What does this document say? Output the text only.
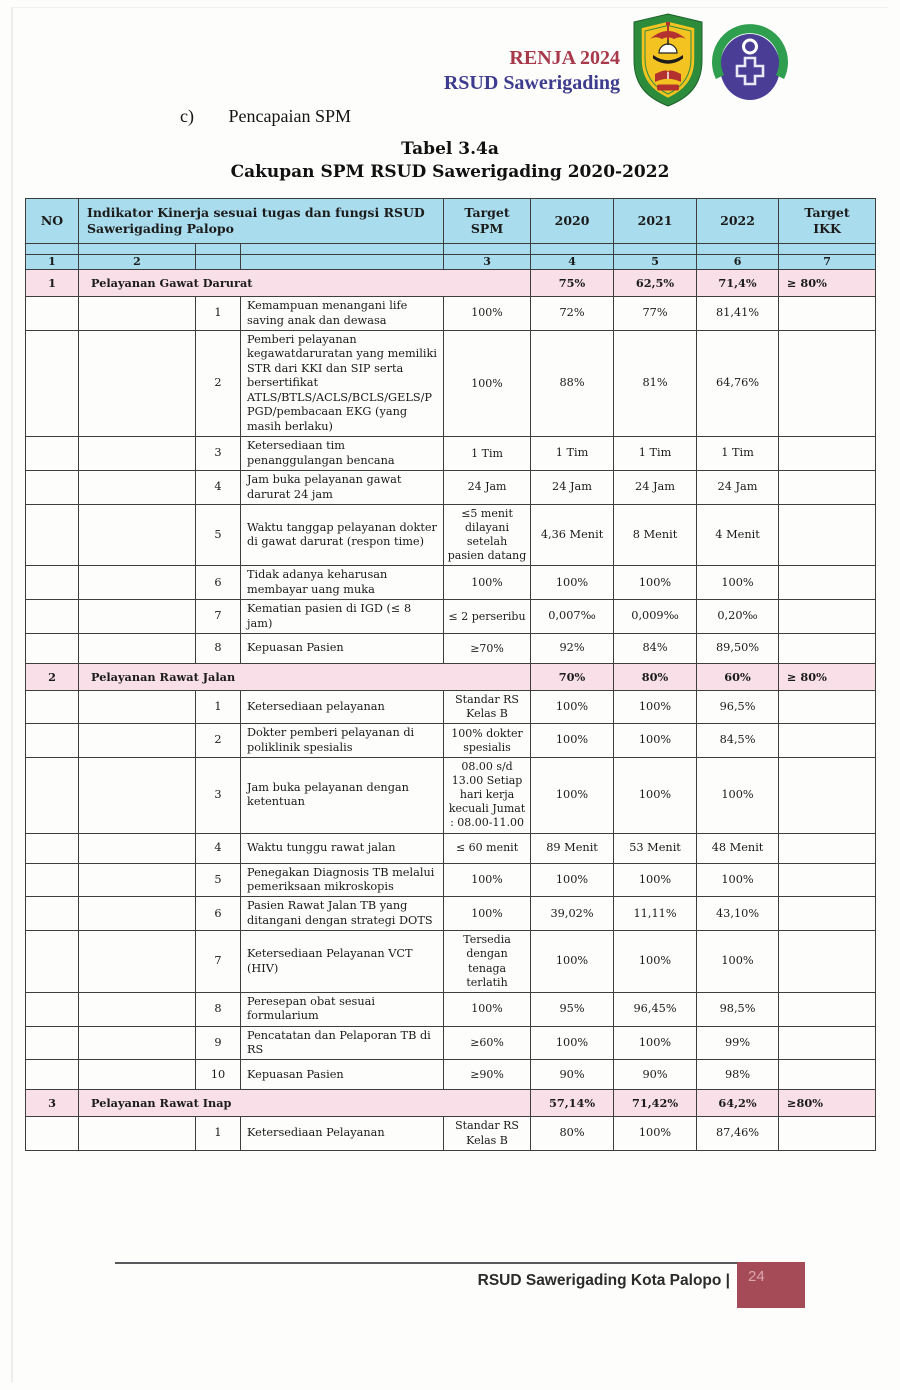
RENJA 2024
RSUD Sawerigading
c) Pencapaian SPM
Tabel 3.4a
Cakupan SPM RSUD Sawerigading 2020-2022
NO	Indikator Kinerja sesuai tugas dan fungsi RSUD Sawerigading Palopo			Target SPM	2020	2021	2022	Target IKK

1	2			3	4	5	6	7
1	Pelayanan Gawat Darurat				75%	62,5%	71,4%	≥ 80%
		1	Kemampuan menangani life saving anak dan dewasa	100%	72%	77%	81,41%	
		2	Pemberi pelayanan kegawatdaruratan yang memiliki STR dari KKI dan SIP serta bersertifikat ATLS/BTLS/ACLS/BCLS/GELS/PPGD/pembacaan EKG (yang masih berlaku)	100%	88%	81%	64,76%	
		3	Ketersediaan tim penanggulangan bencana	1 Tim	1 Tim	1 Tim	1 Tim	
		4	Jam buka pelayanan gawat darurat 24 jam	24 Jam	24 Jam	24 Jam	24 Jam	
		5	Waktu tanggap pelayanan dokter di gawat darurat (respon time)	≤5 menit dilayani setelah pasien datang	4,36 Menit	8 Menit	4 Menit	
		6	Tidak adanya keharusan membayar uang muka	100%	100%	100%	100%	
		7	Kematian pasien di IGD (≤ 8 jam)	≤ 2 perseribu	0,007‰	0,009‰	0,20‰	
		8	Kepuasan Pasien	≥70%	92%	84%	89,50%	
2	Pelayanan Rawat Jalan				70%	80%	60%	≥ 80%
		1	Ketersediaan pelayanan	Standar RS Kelas B	100%	100%	96,5%	
		2	Dokter pemberi pelayanan di poliklinik spesialis	100% dokter spesialis	100%	100%	84,5%	
		3	Jam buka pelayanan dengan ketentuan	08.00 s/d 13.00 Setiap hari kerja kecuali Jumat : 08.00-11.00	100%	100%	100%	
		4	Waktu tunggu rawat jalan	≤ 60 menit	89 Menit	53 Menit	48 Menit	
		5	Penegakan Diagnosis TB melalui pemeriksaan mikroskopis	100%	100%	100%	100%	
		6	Pasien Rawat Jalan TB yang ditangani dengan strategi DOTS	100%	39,02%	11,11%	43,10%	
		7	Ketersediaan Pelayanan VCT (HIV)	Tersedia dengan tenaga terlatih	100%	100%	100%	
		8	Peresepan obat sesuai formularium	100%	95%	96,45%	98,5%	
		9	Pencatatan dan Pelaporan TB di RS	≥60%	100%	100%	99%	
		10	Kepuasan Pasien	≥90%	90%	90%	98%	
3	Pelayanan Rawat Inap				57,14%	71,42%	64,2%	≥80%
		1	Ketersediaan Pelayanan	Standar RS Kelas B	80%	100%	87,46%	
RSUD Sawerigading Kota Palopo |	24
